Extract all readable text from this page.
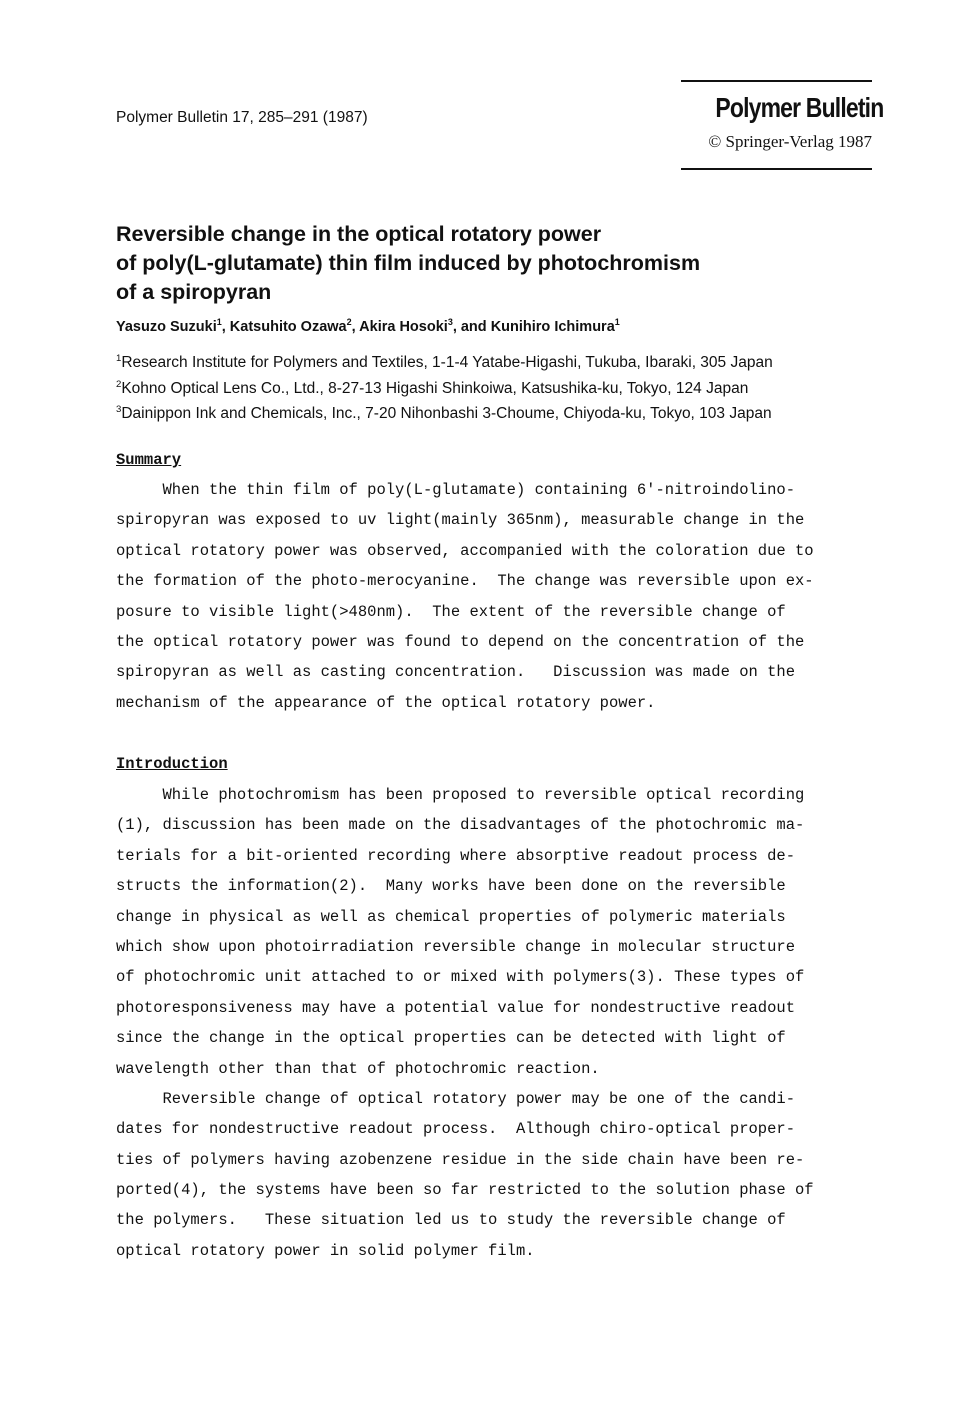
Polymer Bulletin 17, 285–291 (1987)	Polymer Bulletin
© Springer-Verlag 1987
Reversible change in the optical rotatory power
of poly(L-glutamate) thin film induced by photochromism
of a spiropyran

Yasuzo Suzuki$^1$, Katsuhito Ozawa$^2$, Akira Hosoki$^3$, and Kunihiro Ichimura$^1$

$^1$Research Institute for Polymers and Textiles, 1-1-4 Yatabe-Higashi, Tukuba, Ibaraki, 305 Japan
$^2$Kohno Optical Lens Co., Ltd., 8-27-13 Higashi Shinkoiwa, Katsushika-ku, Tokyo, 124 Japan
$^3$Dainippon Ink and Chemicals, Inc., 7-20 Nihonbashi 3-Choume, Chiyoda-ku, Tokyo, 103 Japan
Summary
When the thin film of poly(L-glutamate) containing 6'-nitroindolino-
spiropyran was exposed to uv light(mainly 365nm), measurable change in the
optical rotatory power was observed, accompanied with the coloration due to
the formation of the photo-merocyanine.  The change was reversible upon ex-
posure to visible light(>480nm).  The extent of the reversible change of
the optical rotatory power was found to depend on the concentration of the
spiropyran as well as casting concentration.   Discussion was made on the
mechanism of the appearance of the optical rotatory power.
Introduction
While photochromism has been proposed to reversible optical recording
(1), discussion has been made on the disadvantages of the photochromic ma-
terials for a bit-oriented recording where absorptive readout process de-
structs the information(2).  Many works have been done on the reversible
change in physical as well as chemical properties of polymeric materials
which show upon photoirradiation reversible change in molecular structure
of photochromic unit attached to or mixed with polymers(3). These types of
photoresponsiveness may have a potential value for nondestructive readout
since the change in the optical properties can be detected with light of
wavelength other than that of photochromic reaction.
Reversible change of optical rotatory power may be one of the candi-
dates for nondestructive readout process.  Although chiro-optical proper-
ties of polymers having azobenzene residue in the side chain have been re-
ported(4), the systems have been so far restricted to the solution phase of
the polymers.   These situation led us to study the reversible change of
optical rotatory power in solid polymer film.
